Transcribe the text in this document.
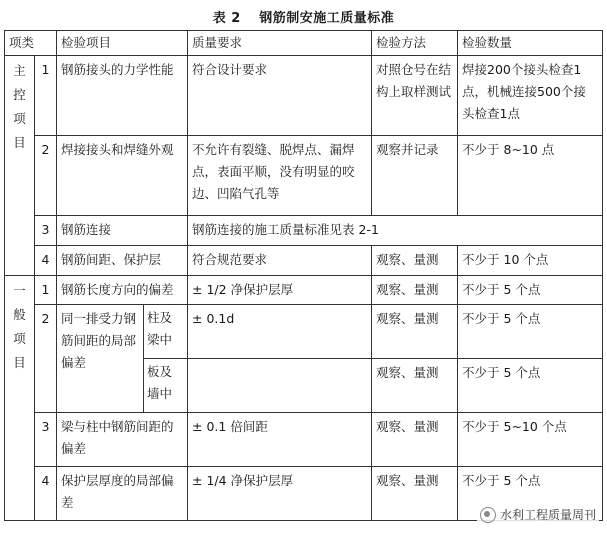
表 2　 钢筋制安施工质量标准
项类		检验项目		质量要求	检验方法	检验数量

主
控
项
目	1	钢筋接头的力学性能		符合设计要求	对照仓号在结构上取样测试	焊接200个接头检查1点，机械连接500个接头检查1点
	2	焊接接头和焊缝外观		不允许有裂缝、脱焊点、漏焊点，表面平顺，没有明显的咬边、凹陷气孔等	观察并记录	不少于 8~10 点
	3	钢筋连接		钢筋连接的施工质量标准见表 2-1		
	4	钢筋间距、保护层		符合规范要求	观察、量测	不少于 10 个点

一
般
项
目	1	钢筋长度方向的偏差		± 1/2 净保护层厚	观察、量测	不少于 5 个点
	2	同一排受力钢筋间距的局部偏差	柱及梁中	± 0.1d	观察、量测	不少于 5 个点
			板及墙中		观察、量测	不少于 5 个点
	3	梁与柱中钢筋间距的偏差		± 0.1 倍间距	观察、量测	不少于 5~10 个点
	4	保护层厚度的局部偏差		± 1/4 净保护层厚	观察、量测	不少于 5 个点
水利工程质量周刊
